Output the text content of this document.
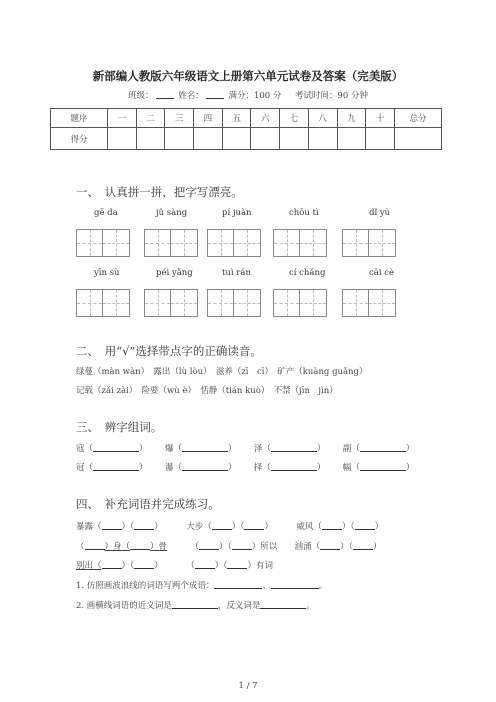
新部编人教版六年级语文上册第六单元试卷及答案（完美版）
班级：	姓名：	满分：100 分 考试时间：90 分钟
题序	一	二	三	四	五	六	七	八	九	十	总分
得分											
一、　认真拼一拼，把字写漂亮。
gē da	jǔ sàng	pí juàn	chōu tì	dǐ yù
yīn sù	péi yǎng	tuì rán	cí chǎng	cāi cè
二、　用“√”选择带点字的正确读音。
绿蔓（màn wàn）　露出（lù lòu）　滋养（zī　cī）　矿产（kuàng guǎng）
记载（zǎi zài）　险要（wù è）　恬静（tián kuò）　不禁（jīn　jìn）
三、　辨字组词。
寇（	）  爆（	）  泽（	）  副（	）
冠（	）  瀑（	）  择（	）  幅（	）
四、　补充词语并完成练习。
暴露（ ）（ ）	大步（ ）（ ）	威风（ ）（ ）
（ ）身（ ）骨	（ ）（ ）所以 汹涌（ ）（ ）
别出（ ）（ ）	（ ）（ ）有词
1. 仿照画波浪线的词语写两个成语：	、	。
2. 画横线词语的近义词是	，反义词是	。
1 / 7
